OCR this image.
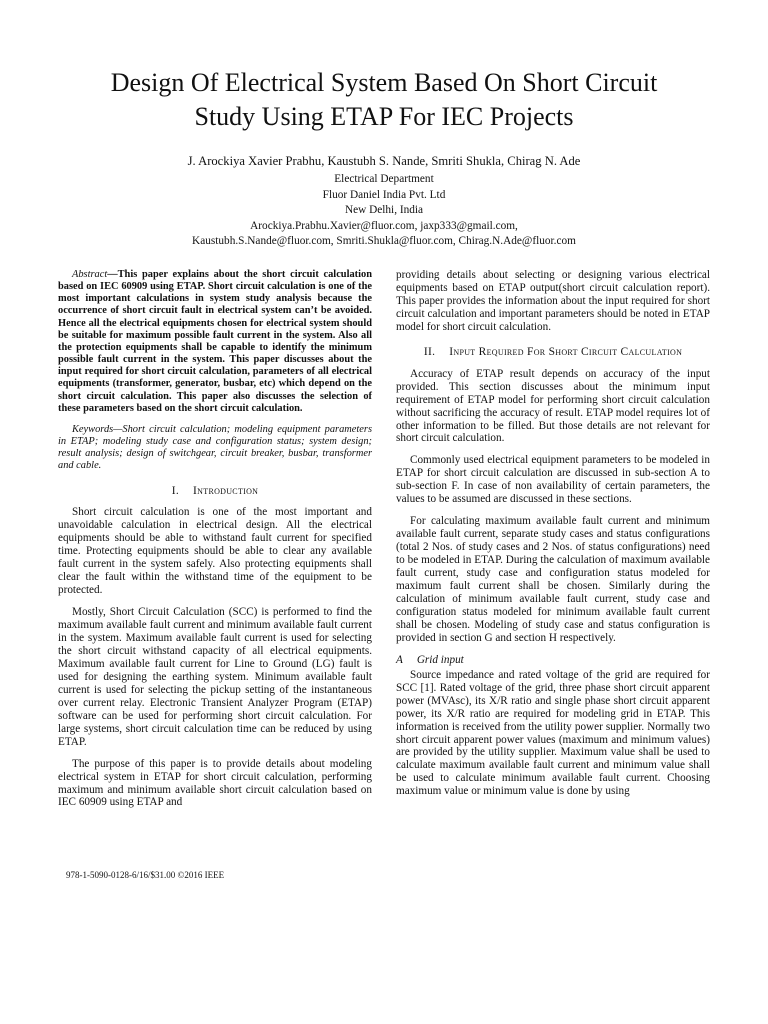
Design Of Electrical System Based On Short Circuit
Study Using ETAP For IEC Projects
J. Arockiya Xavier Prabhu, Kaustubh S. Nande, Smriti Shukla, Chirag N. Ade
Electrical Department
Fluor Daniel India Pvt. Ltd
New Delhi, India
Arockiya.Prabhu.Xavier@fluor.com, jaxp333@gmail.com,
Kaustubh.S.Nande@fluor.com, Smriti.Shukla@fluor.com, Chirag.N.Ade@fluor.com

Abstract—This paper explains about the short circuit calculation based on IEC 60909 using ETAP. Short circuit calculation is one of the most important calculations in system study analysis because the occurrence of short circuit fault in electrical system can’t be avoided. Hence all the electrical equipments chosen for electrical system should be suitable for maximum possible fault current in the system. Also all the protection equipments shall be capable to identify the minimum possible fault current in the system. This paper discusses about the input required for short circuit calculation, parameters of all electrical equipments (transformer, generator, busbar, etc) which depend on the short circuit calculation. This paper also discusses the selection of these parameters based on the short circuit calculation.

Keywords—Short circuit calculation; modeling equipment parameters in ETAP; modeling study case and configuration status; system design; result analysis; design of switchgear, circuit breaker, busbar, transformer and cable.

I. Introduction

Short circuit calculation is one of the most important and unavoidable calculation in electrical design. All the electrical equipments should be able to withstand fault current for specified time. Protecting equipments should be able to clear any available fault current in the system safely. Also protecting equipments shall clear the fault within the withstand time of the equipment to be protected.

Mostly, Short Circuit Calculation (SCC) is performed to find the maximum available fault current and minimum available fault current in the system. Maximum available fault current is used for selecting the short circuit withstand capacity of all electrical equipments. Maximum available fault current for Line to Ground (LG) fault is used for designing the earthing system. Minimum available fault current is used for selecting the pickup setting of the instantaneous over current relay. Electronic Transient Analyzer Program (ETAP) software can be used for performing short circuit calculation. For large systems, short circuit calculation time can be reduced by using ETAP.

The purpose of this paper is to provide details about modeling electrical system in ETAP for short circuit calculation, performing maximum and minimum available short circuit calculation based on IEC 60909 using ETAP and

providing details about selecting or designing various electrical equipments based on ETAP output(short circuit calculation report). This paper provides the information about the input required for short circuit calculation and important parameters should be noted in ETAP model for short circuit calculation.

II. Input Required For Short Circuit Calculation

Accuracy of ETAP result depends on accuracy of the input provided. This section discusses about the minimum input requirement of ETAP model for performing short circuit calculation without sacrificing the accuracy of result. ETAP model requires lot of other information to be filled. But those details are not relevant for short circuit calculation.

Commonly used electrical equipment parameters to be modeled in ETAP for short circuit calculation are discussed in sub-section A to sub-section F. In case of non availability of certain parameters, the values to be assumed are discussed in these sections.

For calculating maximum available fault current and minimum available fault current, separate study cases and status configurations (total 2 Nos. of study cases and 2 Nos. of status configurations) need to be modeled in ETAP. During the calculation of maximum available fault current, study case and configuration status modeled for maximum fault current shall be chosen. Similarly during the calculation of minimum available fault current, study case and configuration status modeled for minimum available fault current shall be chosen. Modeling of study case and status configuration is provided in section G and section H respectively.

A Grid input

Source impedance and rated voltage of the grid are required for SCC [1]. Rated voltage of the grid, three phase short circuit apparent power (MVAsc), its X/R ratio and single phase short circuit apparent power, its X/R ratio are required for modeling grid in ETAP. This information is received from the utility power supplier. Normally two short circuit apparent power values (maximum and minimum values) are provided by the utility supplier. Maximum value shall be used to calculate maximum available fault current and minimum value shall be used to calculate minimum available fault current. Choosing maximum value or minimum value is done by using

978-1-5090-0128-6/16/$31.00 ©2016 IEEE
